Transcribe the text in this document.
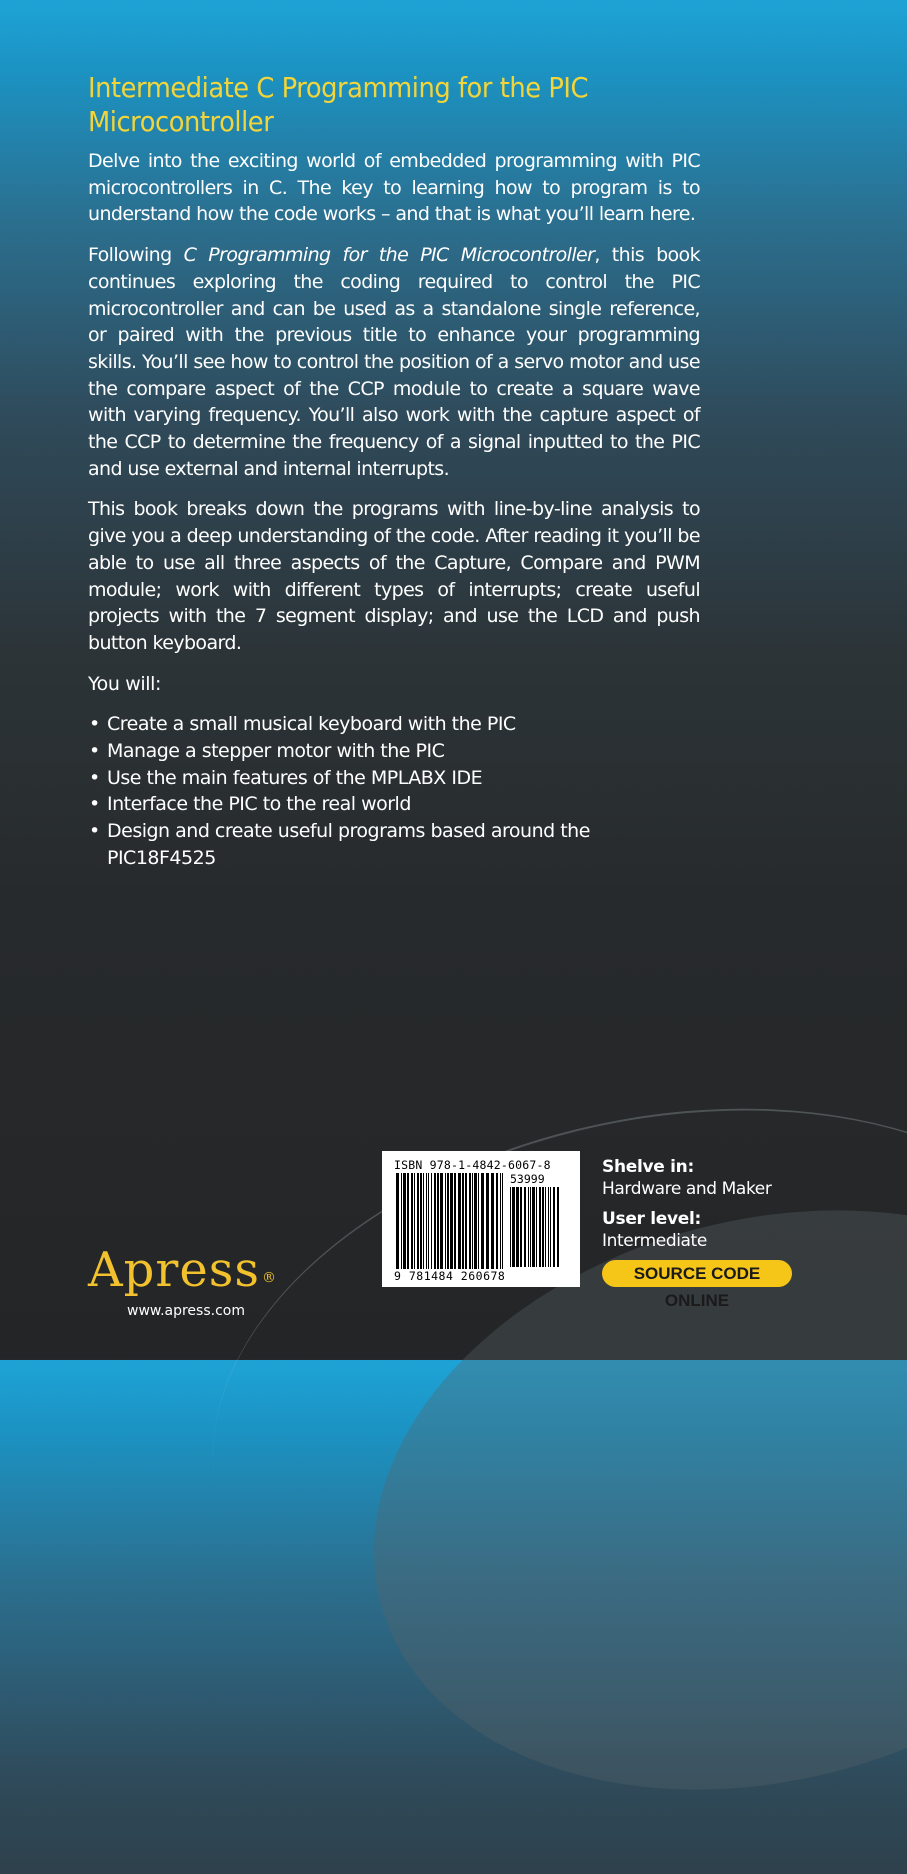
Intermediate C Programming for the PIC Microcontroller

Delve into the exciting world of embedded programming with PIC microcontrollers in C. The key to learning how to program is to understand how the code works – and that is what you’ll learn here.

Following C Programming for the PIC Microcontroller, this book continues exploring the coding required to control the PIC microcontroller and can be used as a standalone single reference, or paired with the previous title to enhance your programming skills. You’ll see how to control the position of a servo motor and use the compare aspect of the CCP module to create a square wave with varying frequency. You’ll also work with the capture aspect of the CCP to determine the frequency of a signal inputted to the PIC and use external and internal interrupts.

This book breaks down the programs with line-by-line analysis to give you a deep understanding of the code. After reading it you’ll be able to use all three aspects of the Capture, Compare and PWM module; work with different types of interrupts; create useful projects with the 7 segment display; and use the LCD and push button keyboard.

You will:
• Create a small musical keyboard with the PIC
• Manage a stepper motor with the PIC
• Use the main features of the MPLABX IDE
• Interface the PIC to the real world
• Design and create useful programs based around the PIC18F4525
ISBN 978-1-4842-6067-8
53999
9 781484 260678
Shelve in:
Hardware and Maker
User level:
Intermediate
SOURCE CODE ONLINE
Apress ®
www.apress.com
